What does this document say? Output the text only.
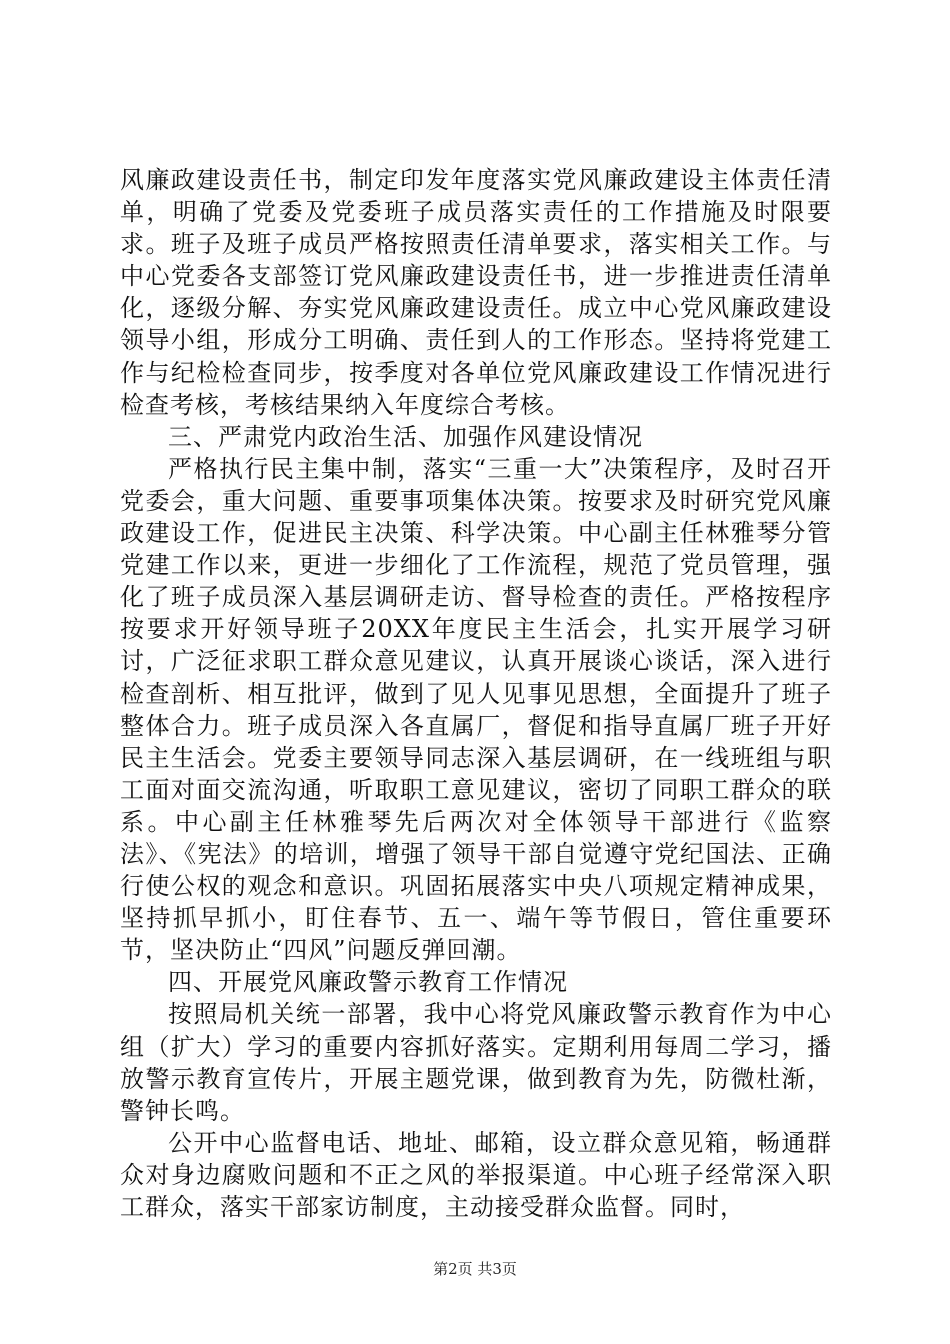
风廉政建设责任书，制定印发年度落实党风廉政建设主体责任清单，明确了党委及党委班子成员落实责任的工作措施及时限要求。班子及班子成员严格按照责任清单要求，落实相关工作。与中心党委各支部签订党风廉政建设责任书，进一步推进责任清单化，逐级分解、夯实党风廉政建设责任。成立中心党风廉政建设领导小组，形成分工明确、责任到人的工作形态。坚持将党建工作与纪检检查同步，按季度对各单位党风廉政建设工作情况进行检查考核，考核结果纳入年度综合考核。

三、严肃党内政治生活、加强作风建设情况

严格执行民主集中制，落实“三重一大”决策程序，及时召开党委会，重大问题、重要事项集体决策。按要求及时研究党风廉政建设工作，促进民主决策、科学决策。中心副主任林雅琴分管党建工作以来，更进一步细化了工作流程，规范了党员管理，强化了班子成员深入基层调研走访、督导检查的责任。严格按程序按要求开好领导班子20XX年度民主生活会，扎实开展学习研讨，广泛征求职工群众意见建议，认真开展谈心谈话，深入进行检查剖析、相互批评，做到了见人见事见思想，全面提升了班子整体合力。班子成员深入各直属厂，督促和指导直属厂班子开好民主生活会。党委主要领导同志深入基层调研，在一线班组与职工面对面交流沟通，听取职工意见建议，密切了同职工群众的联系。中心副主任林雅琴先后两次对全体领导干部进行《监察法》、《宪法》的培训，增强了领导干部自觉遵守党纪国法、正确行使公权的观念和意识。巩固拓展落实中央八项规定精神成果，坚持抓早抓小，盯住春节、五一、端午等节假日，管住重要环节，坚决防止“四风”问题反弹回潮。

四、开展党风廉政警示教育工作情况

按照局机关统一部署，我中心将党风廉政警示教育作为中心组（扩大）学习的重要内容抓好落实。定期利用每周二学习，播放警示教育宣传片，开展主题党课，做到教育为先，防微杜渐，警钟长鸣。

公开中心监督电话、地址、邮箱，设立群众意见箱，畅通群众对身边腐败问题和不正之风的举报渠道。中心班子经常深入职工群众，落实干部家访制度，主动接受群众监督。同时，

第2页 共3页
